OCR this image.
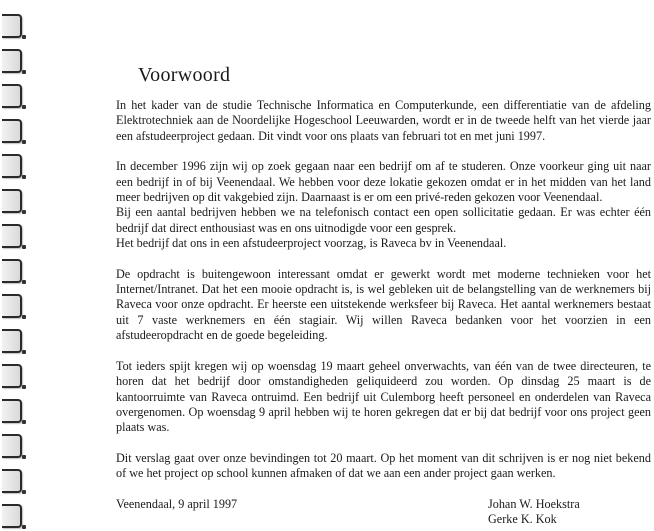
Voorwoord

In het kader van de studie Technische Informatica en Computerkunde, een differentiatie van de afdeling Elektrotechniek aan de Noordelijke Hogeschool Leeuwarden, wordt er in de tweede helft van het vierde jaar een afstudeerproject gedaan. Dit vindt voor ons plaats van februari tot en met juni 1997.

In december 1996 zijn wij op zoek gegaan naar een bedrijf om af te studeren. Onze voorkeur ging uit naar een bedrijf in of bij Veenendaal. We hebben voor deze lokatie gekozen omdat er in het midden van het land meer bedrijven op dit vakgebied zijn. Daarnaast is er om een privé-reden gekozen voor Veenendaal.
Bij een aantal bedrijven hebben we na telefonisch contact een open sollicitatie gedaan. Er was echter één bedrijf dat direct enthousiast was en ons uitnodigde voor een gesprek.
Het bedrijf dat ons in een afstudeerproject voorzag, is Raveca bv in Veenendaal.

De opdracht is buitengewoon interessant omdat er gewerkt wordt met moderne technieken voor het Internet/Intranet. Dat het een mooie opdracht is, is wel gebleken uit de belangstelling van de werknemers bij Raveca voor onze opdracht. Er heerste een uitstekende werksfeer bij Raveca. Het aantal werknemers bestaat uit 7 vaste werknemers en één stagiair. Wij willen Raveca bedanken voor het voorzien in een afstudeeropdracht en de goede begeleiding.

Tot ieders spijt kregen wij op woensdag 19 maart geheel onverwachts, van één van de twee directeuren, te horen dat het bedrijf door omstandigheden geliquideerd zou worden. Op dinsdag 25 maart is de kantoorruimte van Raveca ontruimd. Een bedrijf uit Culemborg heeft personeel en onderdelen van Raveca overgenomen. Op woensdag 9 april hebben wij te horen gekregen dat er bij dat bedrijf voor ons project geen plaats was.

Dit verslag gaat over onze bevindingen tot 20 maart. Op het moment van dit schrijven is er nog niet bekend of we het project op school kunnen afmaken of dat we aan een ander project gaan werken.

Veenendaal, 9 april 1997	Johan W. Hoekstra
Gerke K. Kok
